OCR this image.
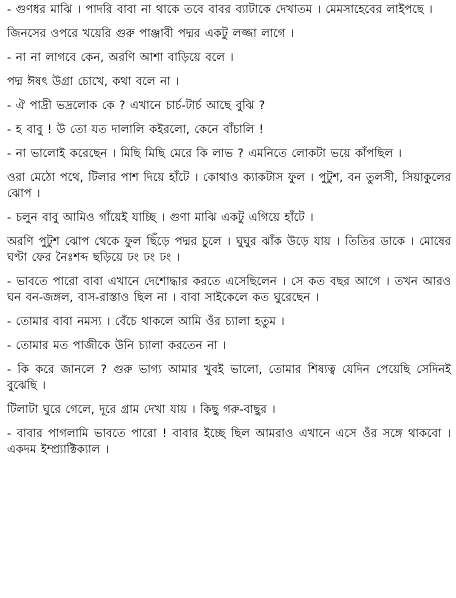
- গুণধর মাঝি । পাদরি বাবা না থাকে তবে বাবর ব্যাটাকে দেখাতম । মেমসাহেবের লাইপছে ।

জিনসের ওপরে খয়েরি গুরু পাঞ্জাবী পদ্মর একটু লজ্জা লাগে ।

- না না লাগবে কেন, অরণি আশা বাড়িয়ে বলে ।

পদ্ম ঈষৎ উগ্রা চোখে, কথা বলে না ।

- ঐ পাদ্রী ভদ্রলোক কে ? এখানে চার্চ-টার্চ আছে বুঝি ?

- হ বাবু ! উ তো যত দালালি কইরলো, কেনে বাঁচালি !

- না ভালোই করেছেন । মিছি মিছি মেরে কি লাভ ? এমনিতে লোকটা ভয়ে কাঁপছিল ।

ওরা মেঠো পথে, টিলার পাশ দিয়ে হাঁটে । কোথাও ক্যাকটাস ফুল । পুটুশ, বন তুলসী, সিয়াকুলের ঝোপ ।

- চলুন বাবু আমিও গাঁয়েই যাচ্ছি । গুণা মাঝি একটু এগিয়ে হাঁটে ।

অরণি পুটুশ ঝোপ থেকে ফুল ছিঁড়ে পদ্মর চুলে । ঘুঘুর ঝাঁক উড়ে যায় । তিতির ডাকে । মোষের ঘণ্টা ফের নৈঃশব্দ ছড়িয়ে ঢং ঢং ঢং ।

- ভাবতে পারো বাবা এখানে দেশোদ্ধার করতে এসেছিলেন । সে কত বছর আগে । তখন আরও ঘন বন-জঙ্গল, বাস-রাস্তাও ছিল না । বাবা সাইকেলে কত ঘুরেছেন ।

- তোমার বাবা নমস্য । বেঁচে থাকলে আমি ওঁর চ্যালা হতুম ।

- তোমার মত পাজীকে উনি চ্যালা করতেন না ।

- কি করে জানলে ? গুরু ভাগ্য আমার খুবই ভালো, তোমার শিষ্যত্ব যেদিন পেয়েছি সেদিনই বুঝেছি ।

টিলাটা ঘুরে গেলে, দূরে গ্রাম দেখা যায় । কিছু গরু-বাছুর ।

- বাবার পাগলামি ভাবতে পারো ! বাবার ইচ্ছে ছিল আমরাও এখানে এসে ওঁর সঙ্গে থাকবো । একদম ইম্প্র্যাক্টিক্যাল ।
